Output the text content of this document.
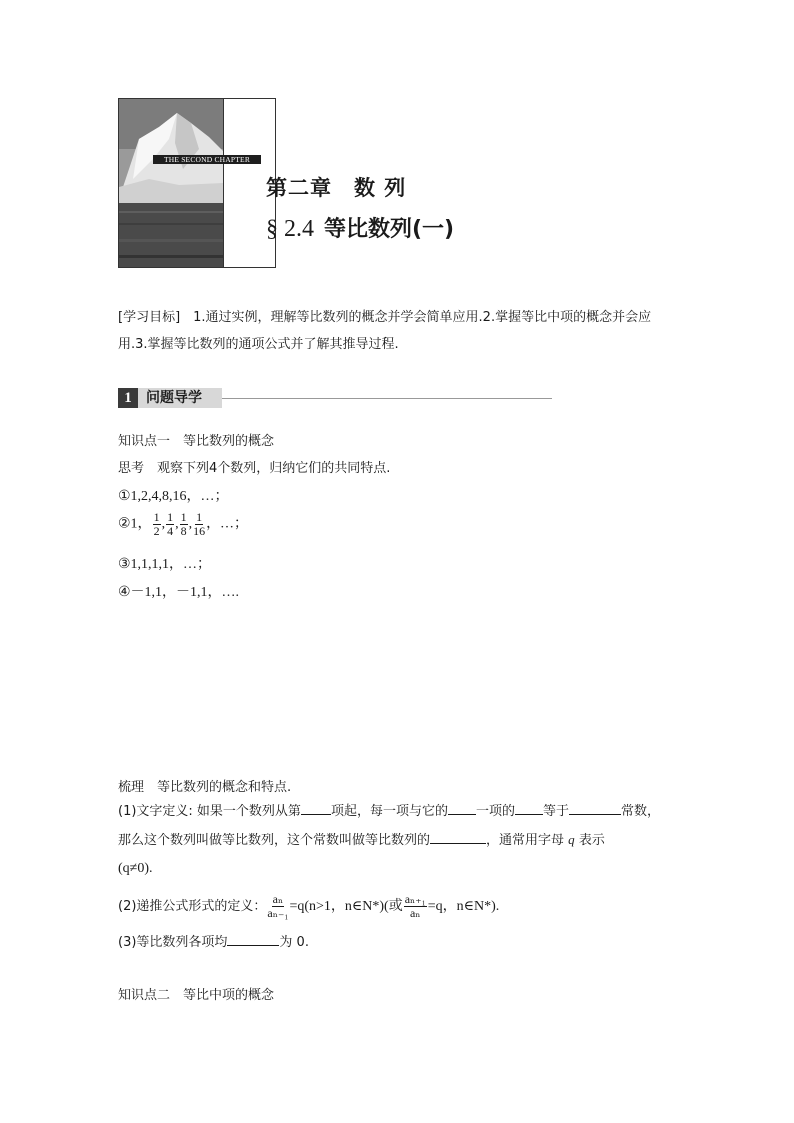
THE SECOND CHAPTER
第二章　数 列
§ 2.4 等比数列(一)
[学习目标]　1.通过实例，理解等比数列的概念并学会简单应用.2.掌握等比中项的概念并会应用.3.掌握等比数列的通项公式并了解其推导过程.
1	问题导学
知识点一　等比数列的概念
思考　观察下列4个数列，归纳它们的共同特点.
①1,2,4,8,16，…；
②1， $\frac{1}{2}$ , $\frac{1}{4}$ , $\frac{1}{8}$ , $\frac{1}{16}$ ，…；
③1,1,1,1，…；
④－1,1，－1,1，….
梳理　等比数列的概念和特点.
(1)文字定义: 如果一个数列从第 项起，每一项与它的 一项的 等于	常数，
那么这个数列叫做等比数列，这个常数叫做等比数列的	，通常用字母 q 表示
(q≠0).
(2)递推公式形式的定义： $\frac{\text{aₙ}}{\text{aₙ₋₁}} =q(n>1$，n∈N*)(或 $\frac{\text{aₙ₊₁}}{\text{aₙ}} =q$，n∈N*).
(3)等比数列各项均	为 0.
知识点二　等比中项的概念
